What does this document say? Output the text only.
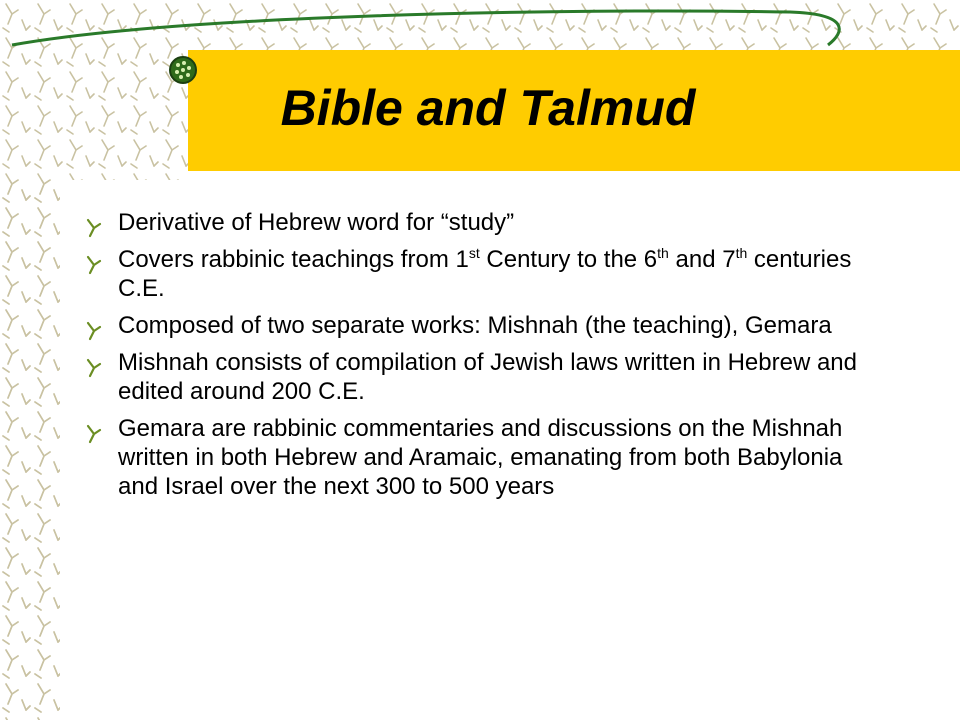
Bible and Talmud
Derivative of Hebrew word for “study”
Covers rabbinic teachings from 1st Century to the 6th and 7th centuries C.E.
Composed of two separate works: Mishnah (the teaching), Gemara
Mishnah consists of compilation of Jewish laws written in Hebrew and edited around 200 C.E.
Gemara are rabbinic commentaries and discussions on the Mishnah written in both Hebrew and Aramaic, emanating from both Babylonia and Israel over the next 300 to 500 years
